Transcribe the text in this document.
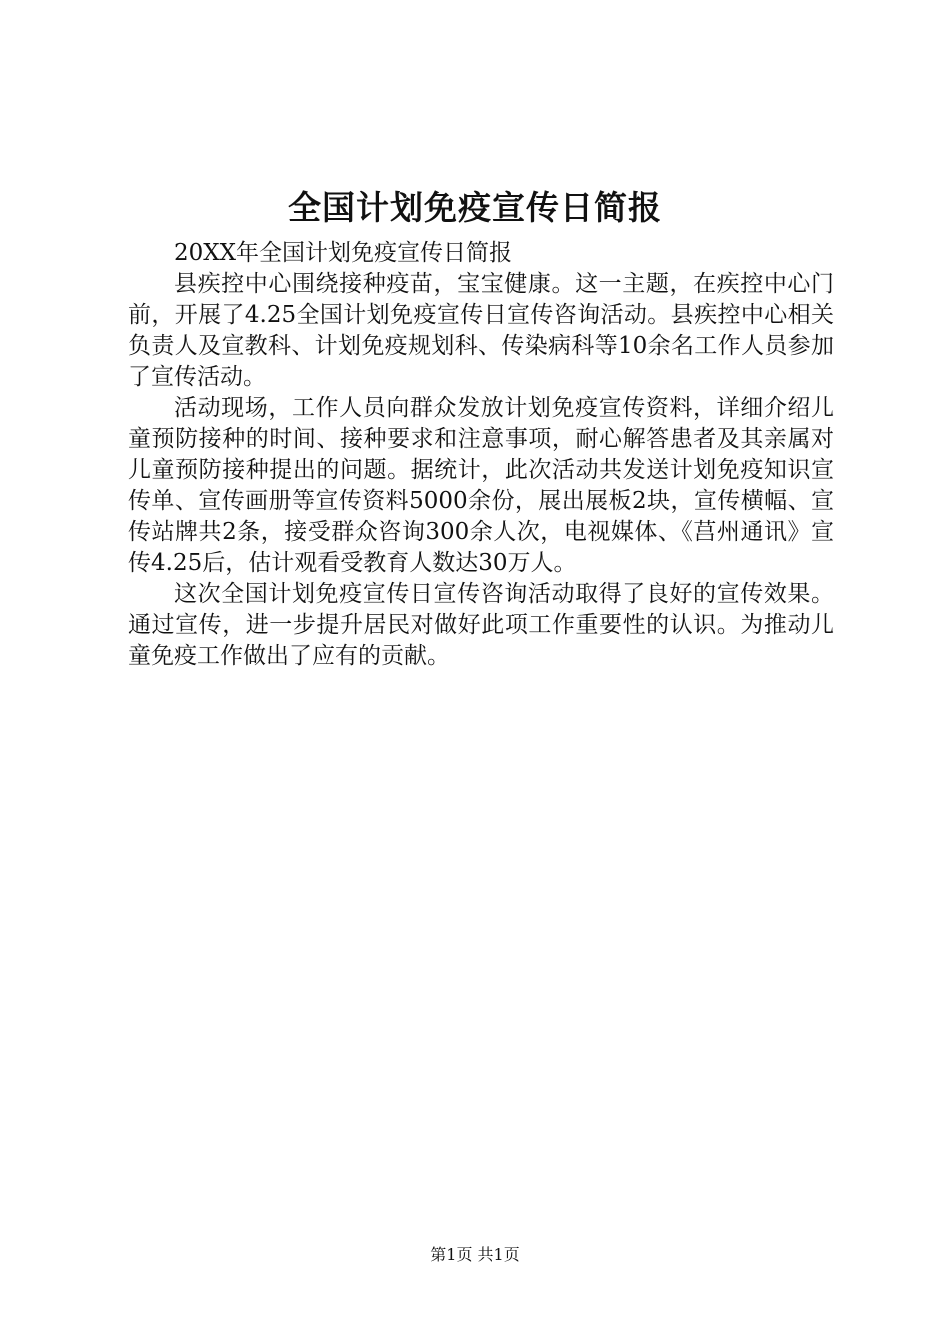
全国计划免疫宣传日简报

20XX年全国计划免疫宣传日简报

县疾控中心围绕接种疫苗，宝宝健康。这一主题，在疾控中心门前，开展了4.25全国计划免疫宣传日宣传咨询活动。县疾控中心相关负责人及宣教科、计划免疫规划科、传染病科等10余名工作人员参加了宣传活动。

活动现场，工作人员向群众发放计划免疫宣传资料，详细介绍儿童预防接种的时间、接种要求和注意事项，耐心解答患者及其亲属对儿童预防接种提出的问题。据统计，此次活动共发送计划免疫知识宣传单、宣传画册等宣传资料5000余份，展出展板2块，宣传横幅、宣传站牌共2条，接受群众咨询300余人次，电视媒体、《莒州通讯》宣传4.25后，估计观看受教育人数达30万人。

这次全国计划免疫宣传日宣传咨询活动取得了良好的宣传效果。通过宣传，进一步提升居民对做好此项工作重要性的认识。为推动儿童免疫工作做出了应有的贡献。

第1页 共1页
